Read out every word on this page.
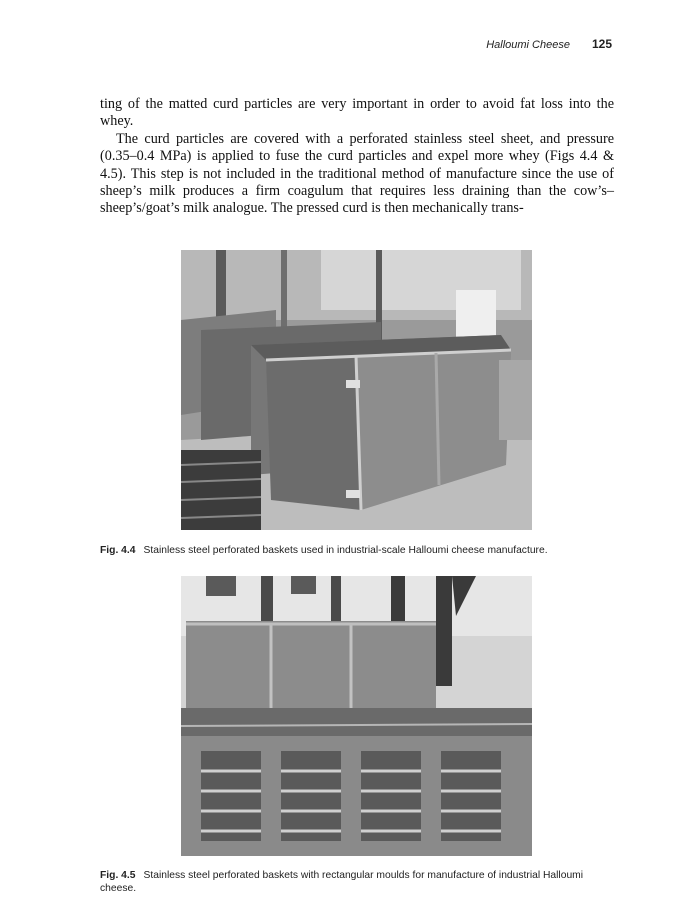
Halloumi Cheese 125

ting of the matted curd particles are very important in order to avoid fat loss into the whey.

The curd particles are covered with a perforated stainless steel sheet, and pressure (0.35–0.4 MPa) is applied to fuse the curd particles and expel more whey (Figs 4.4 & 4.5). This step is not included in the traditional method of manufacture since the use of sheep’s milk produces a firm coagulum that requires less draining than the cow’s–sheep’s/goat’s milk analogue. The pressed curd is then mechanically trans-

Fig. 4.4 Stainless steel perforated baskets used in industrial-scale Halloumi cheese manufacture.
Fig. 4.5 Stainless steel perforated baskets with rectangular moulds for manufacture of industrial Halloumi cheese.
